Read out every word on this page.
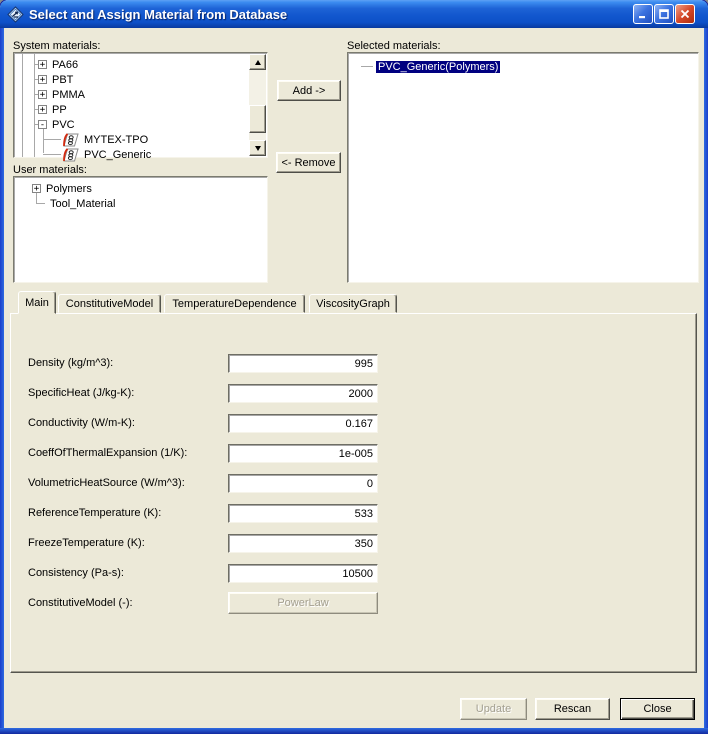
Select and Assign Material from Database
System materials:
+ PA66
+ PBT
+ PMMA
+ PP
- PVC
MYTEX-TPO
PVC_Generic
User materials:
+ Polymers
Tool_Material
Add ->
<- Remove
Selected materials:
PVC_Generic(Polymers)
Main ConstitutiveModel TemperatureDependence ViscosityGraph
Density (kg/m^3):
995
SpecificHeat (J/kg-K):
2000
Conductivity (W/m-K):
0.167
CoeffOfThermalExpansion (1/K):
1e-005
VolumetricHeatSource (W/m^3):
0
ReferenceTemperature (K):
533
FreezeTemperature (K):
350
Consistency (Pa-s):
10500
ConstitutiveModel (-):	PowerLaw
Update	Rescan	Close
